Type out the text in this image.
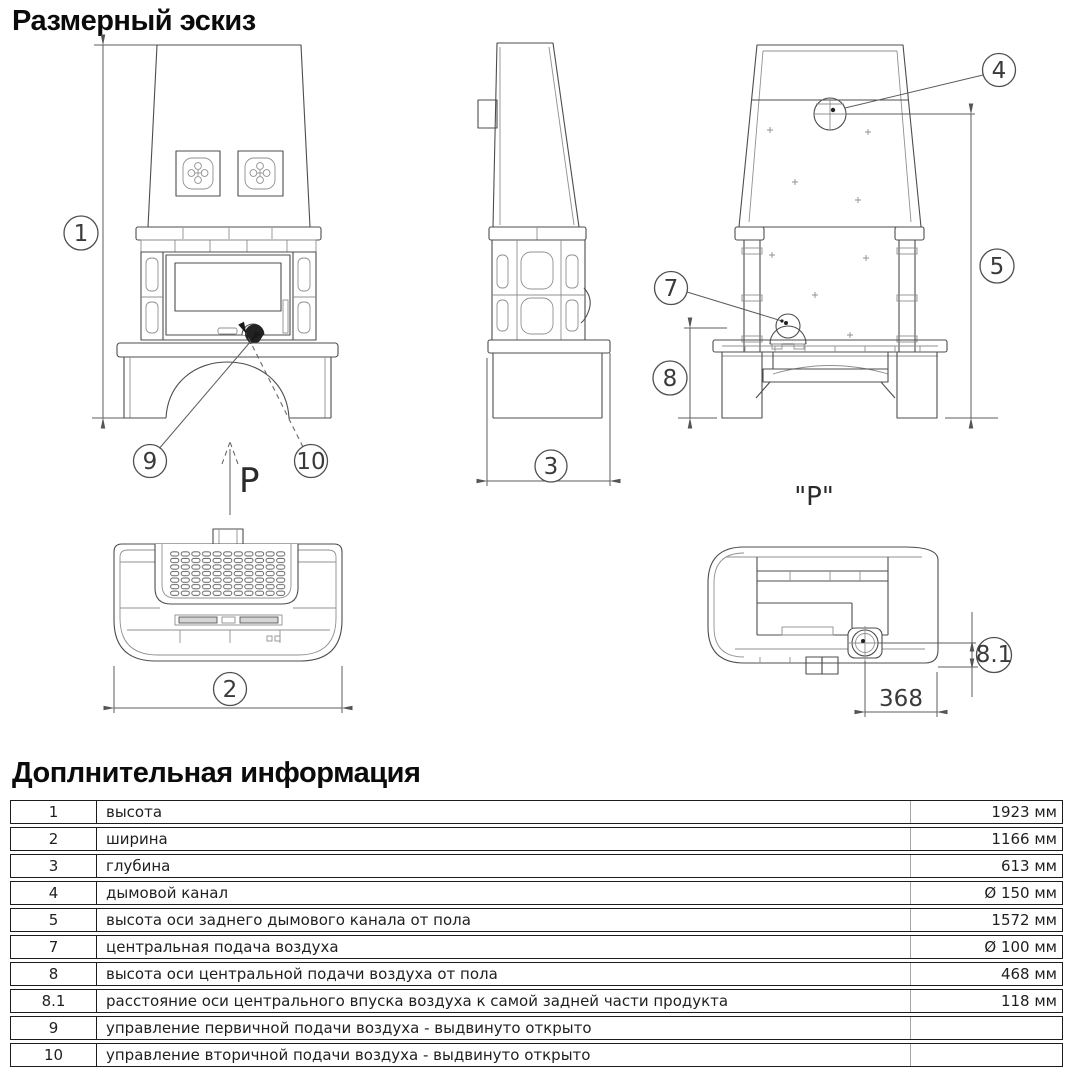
Размерный эскиз
1
9	10
P	3
4
7
5
8
"P"
2
8.1
368
Доплнительная информация
1	высота	1923 мм
2	ширина	1166 мм
3	глубина	613 мм
4	дымовой канал	Ø 150 мм
5	высота оси заднего дымового канала от пола	1572 мм
7	центральная подача воздуха	Ø 100 мм
8	высота оси центральной подачи воздуха от пола	468 мм
8.1	расстояние оси центрального впуска воздуха к самой задней части продукта	118 мм
9	управление первичной подачи воздуха - выдвинуто открыто
10	управление вторичной подачи воздуха - выдвинуто открыто
